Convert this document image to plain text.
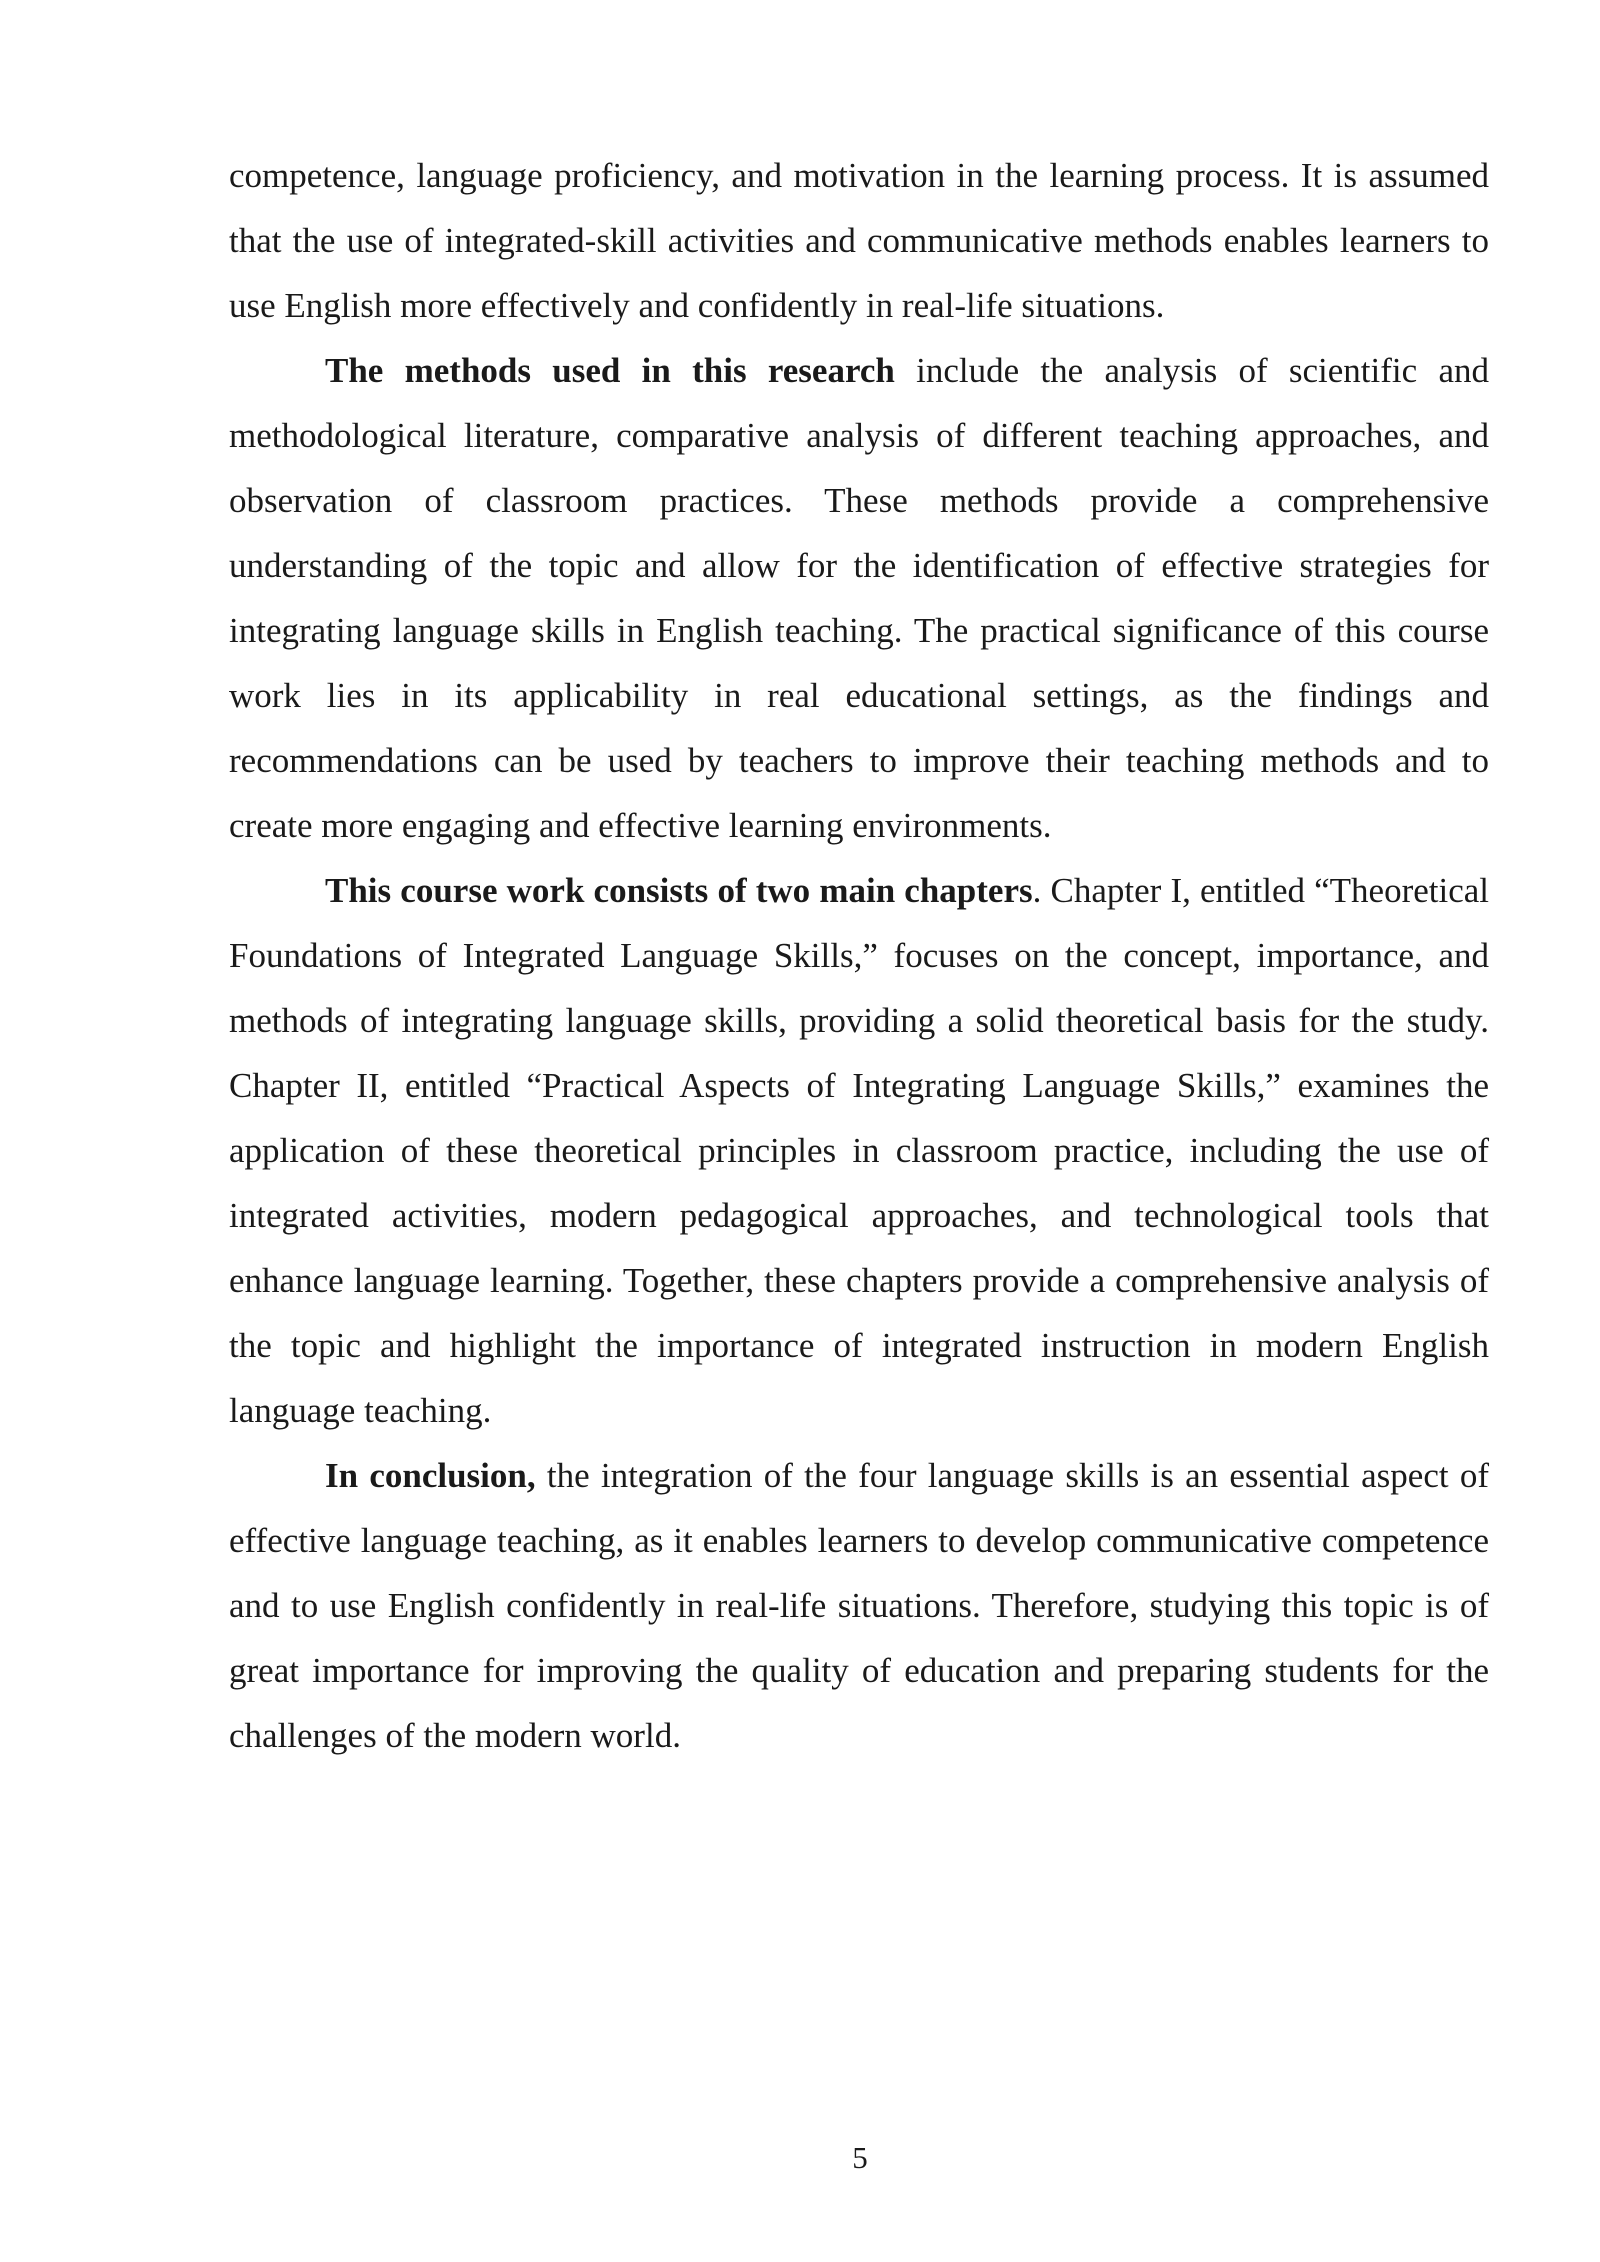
competence, language proficiency, and motivation in the learning process. It is assumed that the use of integrated-skill activities and communicative methods enables learners to use English more effectively and confidently in real-life situations.

The methods used in this research include the analysis of scientific and methodological literature, comparative analysis of different teaching approaches, and observation of classroom practices. These methods provide a comprehensive understanding of the topic and allow for the identification of effective strategies for integrating language skills in English teaching. The practical significance of this course work lies in its applicability in real educational settings, as the findings and recommendations can be used by teachers to improve their teaching methods and to create more engaging and effective learning environments.

This course work consists of two main chapters. Chapter I, entitled “Theoretical Foundations of Integrated Language Skills,” focuses on the concept, importance, and methods of integrating language skills, providing a solid theoretical basis for the study. Chapter II, entitled “Practical Aspects of Integrating Language Skills,” examines the application of these theoretical principles in classroom practice, including the use of integrated activities, modern pedagogical approaches, and technological tools that enhance language learning. Together, these chapters provide a comprehensive analysis of the topic and highlight the importance of integrated instruction in modern English language teaching.

In conclusion, the integration of the four language skills is an essential aspect of effective language teaching, as it enables learners to develop communicative competence and to use English confidently in real-life situations. Therefore, studying this topic is of great importance for improving the quality of education and preparing students for the challenges of the modern world.

5
